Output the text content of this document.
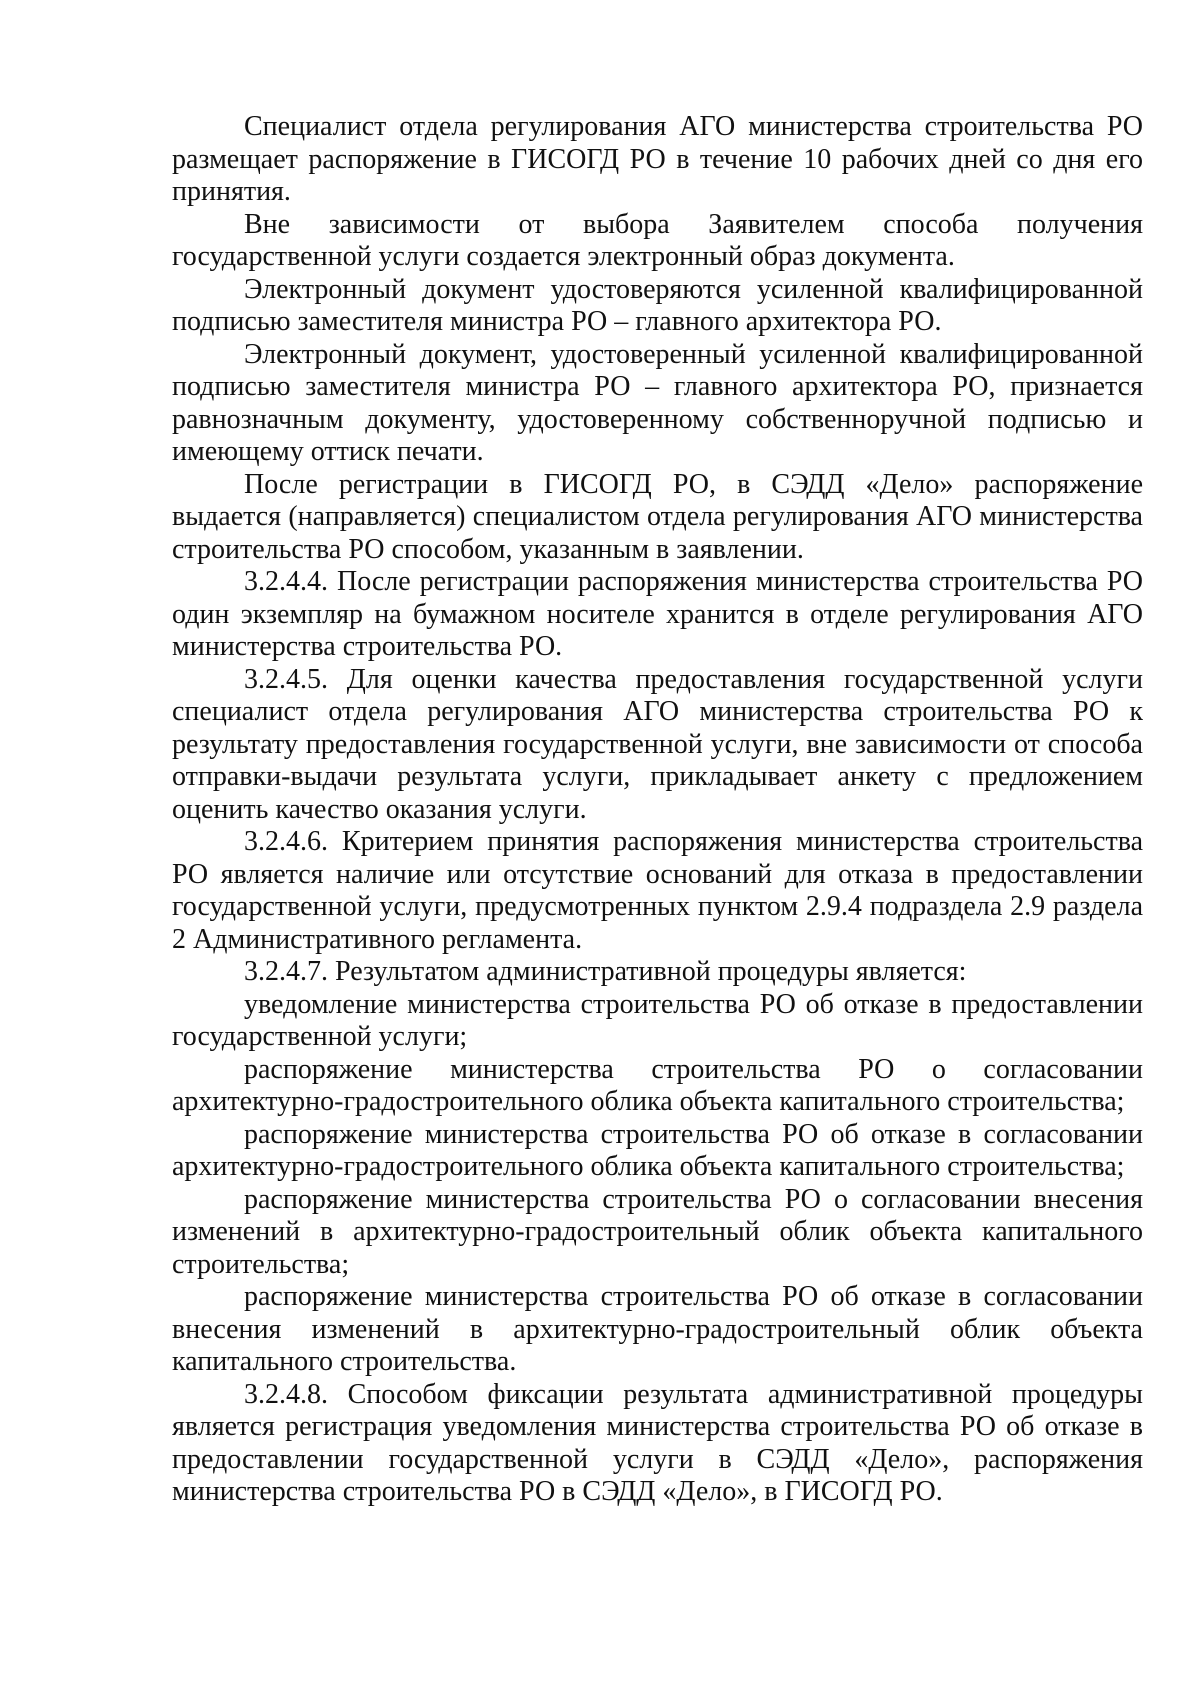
Специалист отдела регулирования АГО министерства строительства РО размещает распоряжение в ГИСОГД РО в течение 10 рабочих дней со дня его принятия.

Вне зависимости от выбора Заявителем способа получения государственной услуги создается электронный образ документа.

Электронный документ удостоверяются усиленной квалифицированной подписью заместителя министра РО – главного архитектора РО.

Электронный документ, удостоверенный усиленной квалифицированной подписью заместителя министра РО – главного архитектора РО, признается равнозначным документу, удостоверенному собственноручной подписью и имеющему оттиск печати.

После регистрации в ГИСОГД РО, в СЭДД «Дело» распоряжение выдается (направляется) специалистом отдела регулирования АГО министерства строительства РО способом, указанным в заявлении.

3.2.4.4. После регистрации распоряжения министерства строительства РО один экземпляр на бумажном носителе хранится в отделе регулирования АГО министерства строительства РО.

3.2.4.5. Для оценки качества предоставления государственной услуги специалист отдела регулирования АГО министерства строительства РО к результату предоставления государственной услуги, вне зависимости от способа отправки-выдачи результата услуги, прикладывает анкету с предложением оценить качество оказания услуги.

3.2.4.6. Критерием принятия распоряжения министерства строительства РО является наличие или отсутствие оснований для отказа в предоставлении государственной услуги, предусмотренных пунктом 2.9.4 подраздела 2.9 раздела 2 Административного регламента.

3.2.4.7. Результатом административной процедуры является:

уведомление министерства строительства РО об отказе в предоставлении государственной услуги;

распоряжение министерства строительства РО о согласовании архитектурно-градостроительного облика объекта капитального строительства;

распоряжение министерства строительства РО об отказе в согласовании архитектурно-градостроительного облика объекта капитального строительства;

распоряжение министерства строительства РО о согласовании внесения изменений в архитектурно-градостроительный облик объекта капитального строительства;

распоряжение министерства строительства РО об отказе в согласовании внесения изменений в архитектурно-градостроительный облик объекта капитального строительства.

3.2.4.8. Способом фиксации результата административной процедуры является регистрация уведомления министерства строительства РО об отказе в предоставлении государственной услуги в СЭДД «Дело», распоряжения министерства строительства РО в СЭДД «Дело», в ГИСОГД РО.
